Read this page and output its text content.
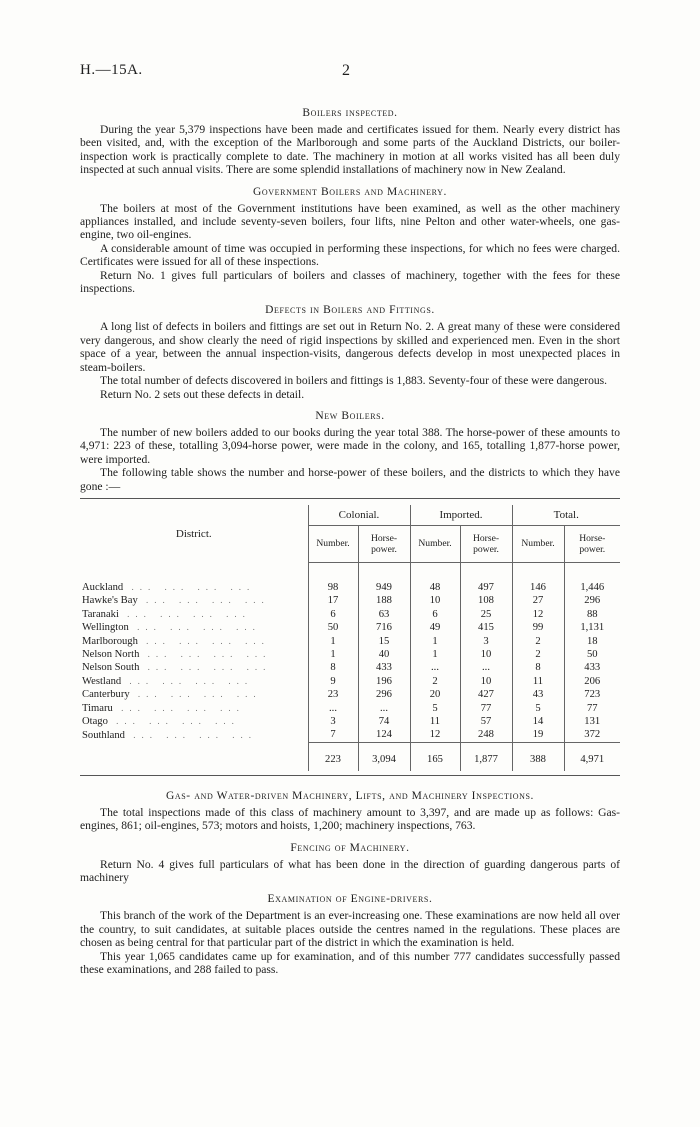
H.—15A.	2
Boilers inspected.

During the year 5,379 inspections have been made and certificates issued for them. Nearly every district has been visited, and, with the exception of the Marlborough and some parts of the Auckland Districts, our boiler-inspection work is practically complete to date. The machinery in motion at all works visited has all been duly inspected at such annual visits. There are some splendid installations of machinery now in New Zealand.

Government Boilers and Machinery.

The boilers at most of the Government institutions have been examined, as well as the other machinery appliances installed, and include seventy-seven boilers, four lifts, nine Pelton and other water-wheels, one gas-engine, two oil-engines.

A considerable amount of time was occupied in performing these inspections, for which no fees were charged. Certificates were issued for all of these inspections.

Return No. 1 gives full particulars of boilers and classes of machinery, together with the fees for these inspections.

Defects in Boilers and Fittings.

A long list of defects in boilers and fittings are set out in Return No. 2. A great many of these were considered very dangerous, and show clearly the need of rigid inspections by skilled and experienced men. Even in the short space of a year, between the annual inspection-visits, dangerous defects develop in most unexpected places in steam-boilers.

The total number of defects discovered in boilers and fittings is 1,883. Seventy-four of these were dangerous.

Return No. 2 sets out these defects in detail.

New Boilers.

The number of new boilers added to our books during the year total 388. The horse-power of these amounts to 4,971: 223 of these, totalling 3,094-horse power, were made in the colony, and 165, totalling 1,877-horse power, were imported.

The following table shows the number and horse-power of these boilers, and the districts to which they have gone :—

District.	Colonial.		Imported.		Total.	
	Number.	Horse-power.	Number.	Horse-power.	Number.	Horse-power.

Auckland ... ... ... ...	98	949	48	497	146	1,446
Hawke's Bay ... ... ... ...	17	188	10	108	27	296
Taranaki ... ... ... ...	6	63	6	25	12	88
Wellington ... ... ... ...	50	716	49	415	99	1,131
Marlborough ... ... ... ...	1	15	1	3	2	18
Nelson North ... ... ... ...	1	40	1	10	2	50
Nelson South ... ... ... ...	8	433	...	...	8	433
Westland ... ... ... ...	9	196	2	10	11	206
Canterbury ... ... ... ...	23	296	20	427	43	723
Timaru ... ... ... ...	...	...	5	77	5	77
Otago ... ... ... ...	3	74	11	57	14	131
Southland ... ... ... ...	7	124	12	248	19	372
	223	3,094	165	1,877	388	4,971
Gas- and Water-driven Machinery, Lifts, and Machinery Inspections.

The total inspections made of this class of machinery amount to 3,397, and are made up as follows: Gas-engines, 861; oil-engines, 573; motors and hoists, 1,200; machinery inspections, 763.

Fencing of Machinery.

Return No. 4 gives full particulars of what has been done in the direction of guarding dangerous parts of machinery

Examination of Engine-drivers.

This branch of the work of the Department is an ever-increasing one. These examinations are now held all over the country, to suit candidates, at suitable places outside the centres named in the regulations. These places are chosen as being central for that particular part of the district in which the examination is held.

This year 1,065 candidates came up for examination, and of this number 777 candidates successfully passed these examinations, and 288 failed to pass.
